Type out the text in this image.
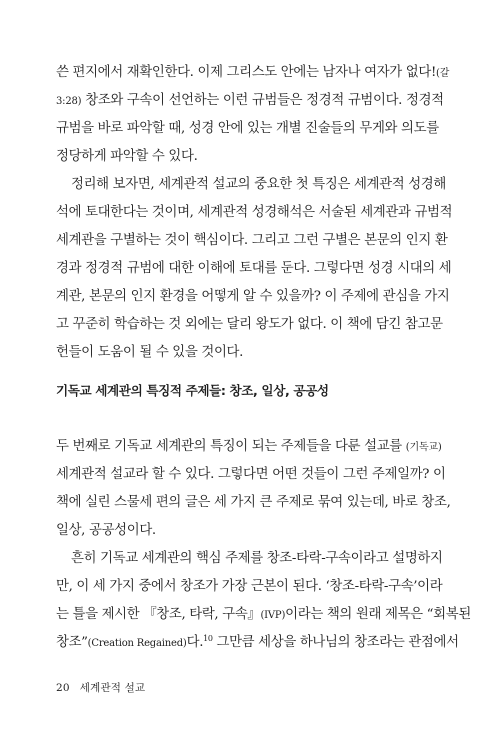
쓴 편지에서 재확인한다. 이제 그리스도 안에는 남자나 여자가 없다!(갈
3:28) 창조와 구속이 선언하는 이런 규범들은 정경적 규범이다. 정경적
규범을 바로 파악할 때, 성경 안에 있는 개별 진술들의 무게와 의도를
정당하게 파악할 수 있다.
정리해 보자면, 세계관적 설교의 중요한 첫 특징은 세계관적 성경해
석에 토대한다는 것이며, 세계관적 성경해석은 서술된 세계관과 규범적
세계관을 구별하는 것이 핵심이다. 그리고 그런 구별은 본문의 인지 환
경과 정경적 규범에 대한 이해에 토대를 둔다. 그렇다면 성경 시대의 세
계관, 본문의 인지 환경을 어떻게 알 수 있을까? 이 주제에 관심을 가지
고 꾸준히 학습하는 것 외에는 달리 왕도가 없다. 이 책에 담긴 참고문
헌들이 도움이 될 수 있을 것이다.
기독교 세계관의 특징적 주제들: 창조, 일상, 공공성
두 번째로 기독교 세계관의 특징이 되는 주제들을 다룬 설교를 (기독교)
세계관적 설교라 할 수 있다. 그렇다면 어떤 것들이 그런 주제일까? 이
책에 실린 스물세 편의 글은 세 가지 큰 주제로 묶여 있는데, 바로 창조,
일상, 공공성이다.
흔히 기독교 세계관의 핵심 주제를 창조-타락-구속이라고 설명하지
만, 이 세 가지 중에서 창조가 가장 근본이 된다. ‘창조-타락-구속’이라
는 틀을 제시한 『창조, 타락, 구속』(IVP)이라는 책의 원래 제목은 “회복된
창조”(Creation Regained)다.$^{10}$ 그만큼 세상을 하나님의 창조라는 관점에서
20 세계관적 설교
